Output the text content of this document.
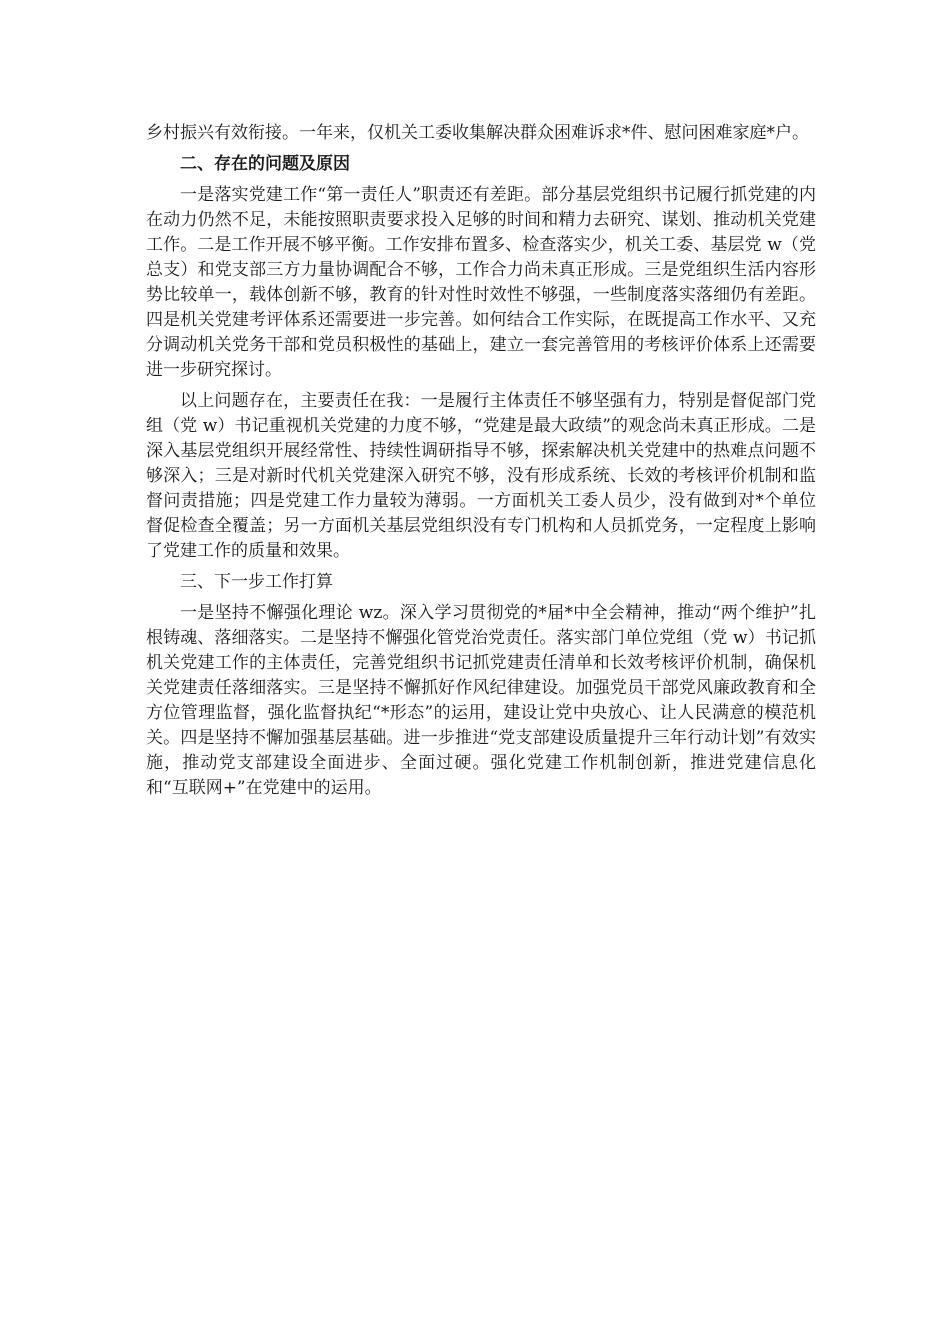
乡村振兴有效衔接。一年来，仅机关工委收集解决群众困难诉求*件、慰问困难家庭*户。

二、存在的问题及原因

一是落实党建工作“第一责任人”职责还有差距。部分基层党组织书记履行抓党建的内在动力仍然不足，未能按照职责要求投入足够的时间和精力去研究、谋划、推动机关党建工作。二是工作开展不够平衡。工作安排布置多、检查落实少，机关工委、基层党 w（党总支）和党支部三方力量协调配合不够，工作合力尚未真正形成。三是党组织生活内容形势比较单一，载体创新不够，教育的针对性时效性不够强，一些制度落实落细仍有差距。四是机关党建考评体系还需要进一步完善。如何结合工作实际，在既提高工作水平、又充分调动机关党务干部和党员积极性的基础上，建立一套完善管用的考核评价体系上还需要进一步研究探讨。

以上问题存在，主要责任在我：一是履行主体责任不够坚强有力，特别是督促部门党组（党 w）书记重视机关党建的力度不够，“党建是最大政绩”的观念尚未真正形成。二是深入基层党组织开展经常性、持续性调研指导不够，探索解决机关党建中的热难点问题不够深入；三是对新时代机关党建深入研究不够，没有形成系统、长效的考核评价机制和监督问责措施；四是党建工作力量较为薄弱。一方面机关工委人员少，没有做到对*个单位督促检查全覆盖；另一方面机关基层党组织没有专门机构和人员抓党务，一定程度上影响了党建工作的质量和效果。

三、下一步工作打算

一是坚持不懈强化理论 wz。深入学习贯彻党的*届*中全会精神，推动“两个维护”扎根铸魂、落细落实。二是坚持不懈强化管党治党责任。落实部门单位党组（党 w）书记抓机关党建工作的主体责任，完善党组织书记抓党建责任清单和长效考核评价机制，确保机关党建责任落细落实。三是坚持不懈抓好作风纪律建设。加强党员干部党风廉政教育和全方位管理监督，强化监督执纪“*形态”的运用，建设让党中央放心、让人民满意的模范机关。四是坚持不懈加强基层基础。进一步推进“党支部建设质量提升三年行动计划”有效实施，推动党支部建设全面进步、全面过硬。强化党建工作机制创新，推进党建信息化和“互联网+”在党建中的运用。
